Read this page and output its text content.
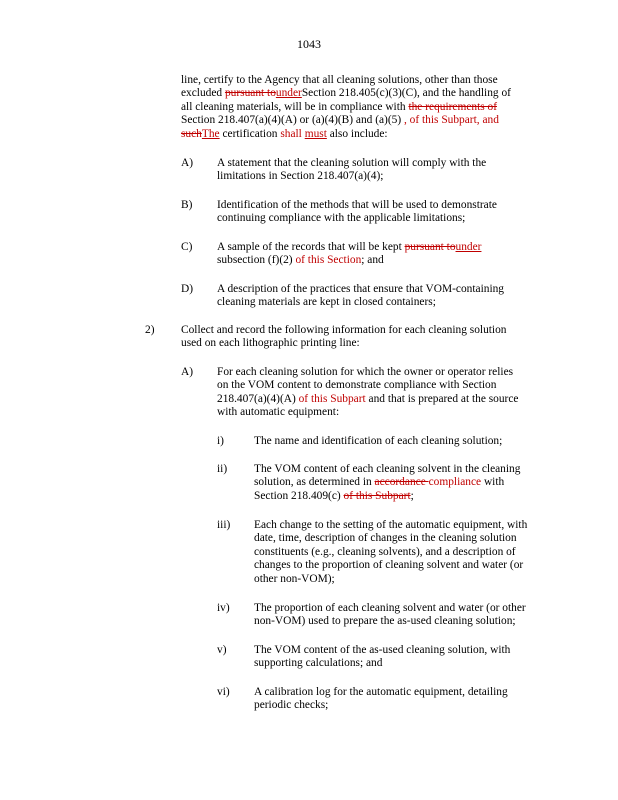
1043

line, certify to the Agency that all cleaning solutions, other than those

excluded pursuant tounderSection 218.405(c)(3)(C), and the handling of

all cleaning materials, will be in compliance with the requirements of

Section 218.407(a)(4)(A) or (a)(4)(B) and (a)(5) , of this Subpart, and

suchThe certification shall must also include:

A) A statement that the cleaning solution will comply with the

limitations in Section 218.407(a)(4);

B) Identification of the methods that will be used to demonstrate

continuing compliance with the applicable limitations;

C) A sample of the records that will be kept pursuant tounder

subsection (f)(2) of this Section; and

D) A description of the practices that ensure that VOM-containing

cleaning materials are kept in closed containers;

2) Collect and record the following information for each cleaning solution

used on each lithographic printing line:

A) For each cleaning solution for which the owner or operator relies

on the VOM content to demonstrate compliance with Section

218.407(a)(4)(A) of this Subpart and that is prepared at the source

with automatic equipment:

i)	The name and identification of each cleaning solution;

ii) The VOM content of each cleaning solvent in the cleaning

solution, as determined in accordance compliance with

Section 218.409(c) of this Subpart;

iii) Each change to the setting of the automatic equipment, with

date, time, description of changes in the cleaning solution

constituents (e.g., cleaning solvents), and a description of

changes to the proportion of cleaning solvent and water (or

other non-VOM);

iv) The proportion of each cleaning solvent and water (or other

non-VOM) used to prepare the as-used cleaning solution;

v) The VOM content of the as-used cleaning solution, with

supporting calculations; and

vi) A calibration log for the automatic equipment, detailing

periodic checks;
